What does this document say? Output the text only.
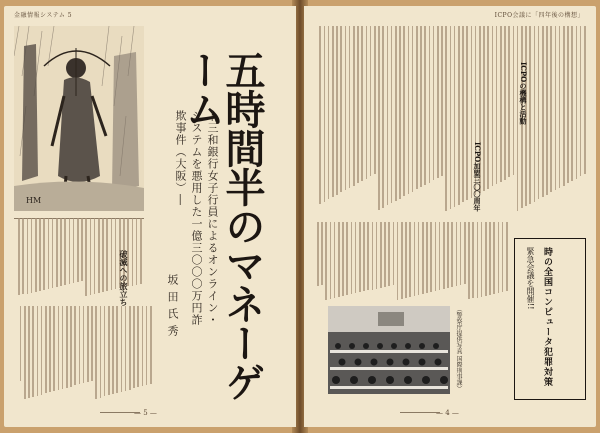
金融情報システム 5
HM	五時間半のマネーゲーム
―三和銀行女子行員によるオンライン・システムを悪用した一億三〇〇〇万円詐欺事件（大阪）―
坂田氏秀
破滅への旅立ち
— 5 —
ICPO会議に「四年後の構想」
ICPOの機構と活動
ICPO加盟三〇〇周年
（警察庁提供写真 国際刑事課）	時の全国コンピュータ犯罪対策
緊急会議を開催!!
— 4 —
